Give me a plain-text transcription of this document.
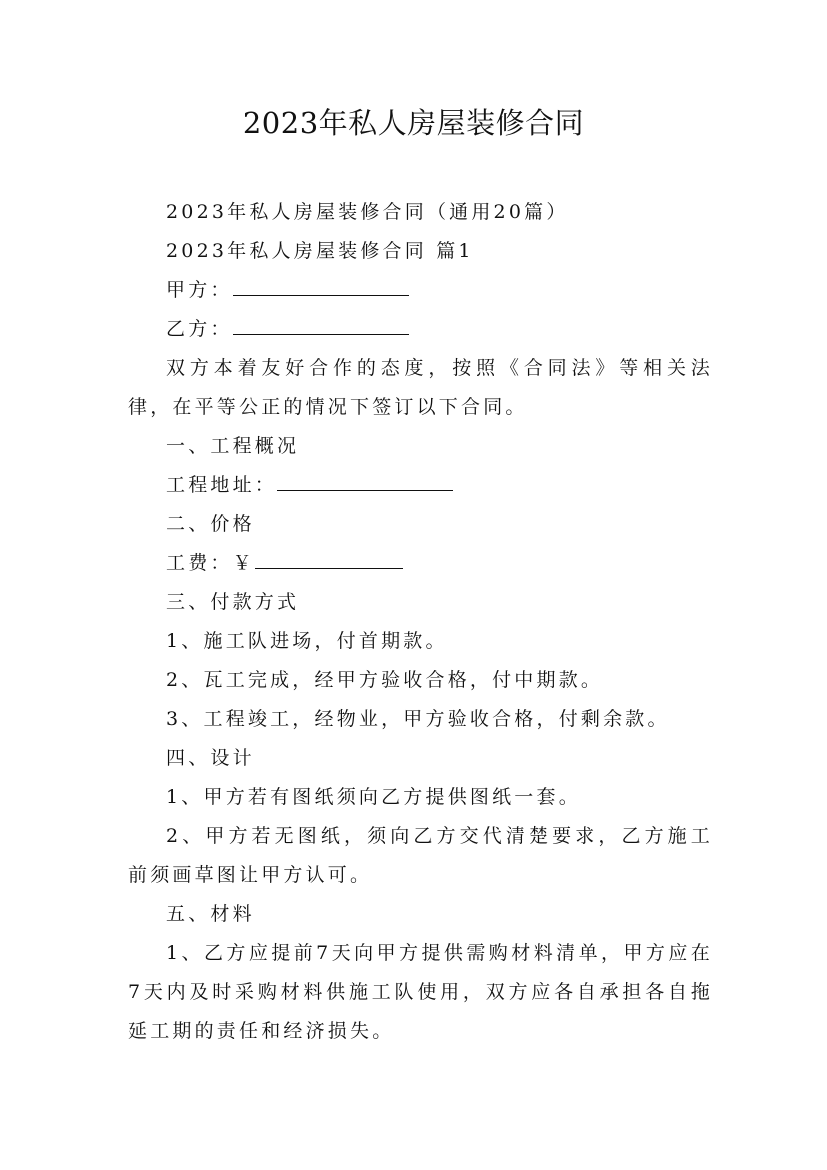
2023年私人房屋装修合同

2023年私人房屋装修合同（通用20篇）

2023年私人房屋装修合同 篇1

甲方：

乙方：

双方本着友好合作的态度，按照《合同法》等相关法律，在平等公正的情况下签订以下合同。

一、工程概况

工程地址：

二、价格

工费：￥

三、付款方式

1、施工队进场，付首期款。

2、瓦工完成，经甲方验收合格，付中期款。

3、工程竣工，经物业，甲方验收合格，付剩余款。

四、设计

1、甲方若有图纸须向乙方提供图纸一套。

2、甲方若无图纸，须向乙方交代清楚要求，乙方施工前须画草图让甲方认可。

五、材料

1、乙方应提前7天向甲方提供需购材料清单，甲方应在7天内及时采购材料供施工队使用，双方应各自承担各自拖延工期的责任和经济损失。
